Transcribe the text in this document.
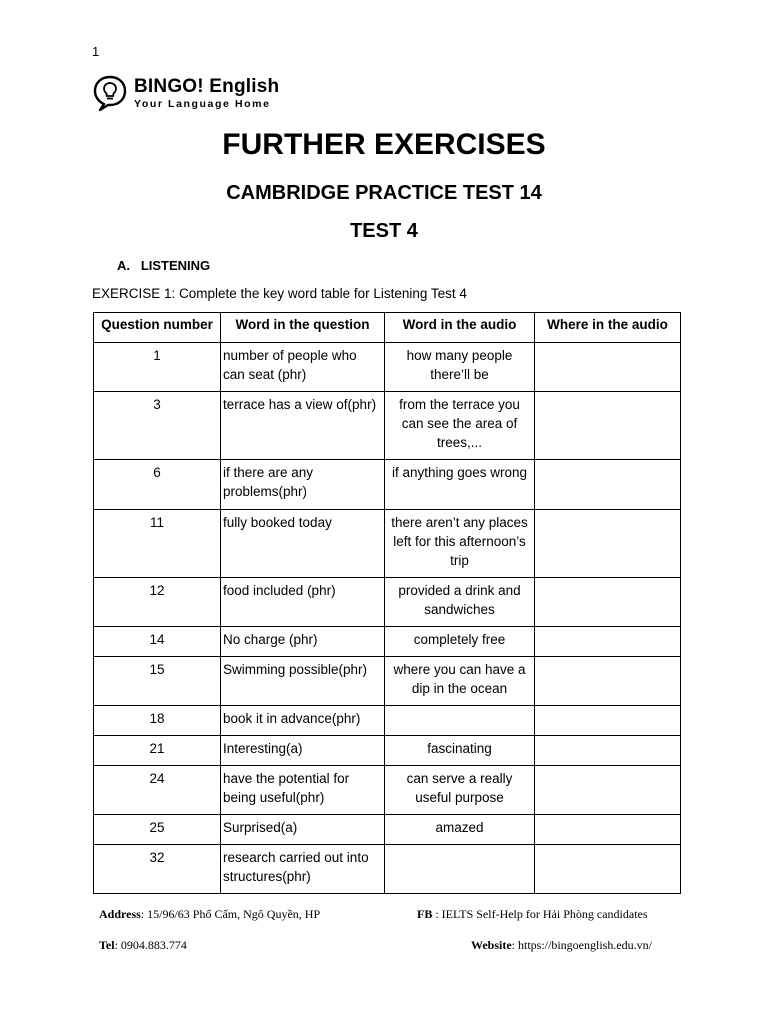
1
BINGO! English
Your Language Home
FURTHER EXERCISES
CAMBRIDGE PRACTICE TEST 14
TEST 4
A.   LISTENING
EXERCISE 1: Complete the key word table for Listening Test 4
Question number	Word in the question	Word in the audio	Where in the audio
1	number of people who can seat (phr)	how many people there’ll be	
3	terrace has a view of(phr)	from the terrace you can see the area of trees,...	
6	if there are any problems(phr)	if anything goes wrong	
11	fully booked today	there aren’t any places left for this afternoon’s trip	
12	food included (phr)	provided a drink and sandwiches	
14	No charge (phr)	completely free	
15	Swimming possible(phr)	where you can have a dip in the ocean	
18	book it in advance(phr)		
21	Interesting(a)	fascinating	
24	have the potential for being useful(phr)	can serve a really useful purpose	
25	Surprised(a)	amazed	
32	research carried out into structures(phr)		
Address: 15/96/63 Phố Cấm, Ngô Quyền, HP	FB : IELTS Self-Help for Hải Phòng candidates
Tel: 0904.883.774	Website: https://bingoenglish.edu.vn/
